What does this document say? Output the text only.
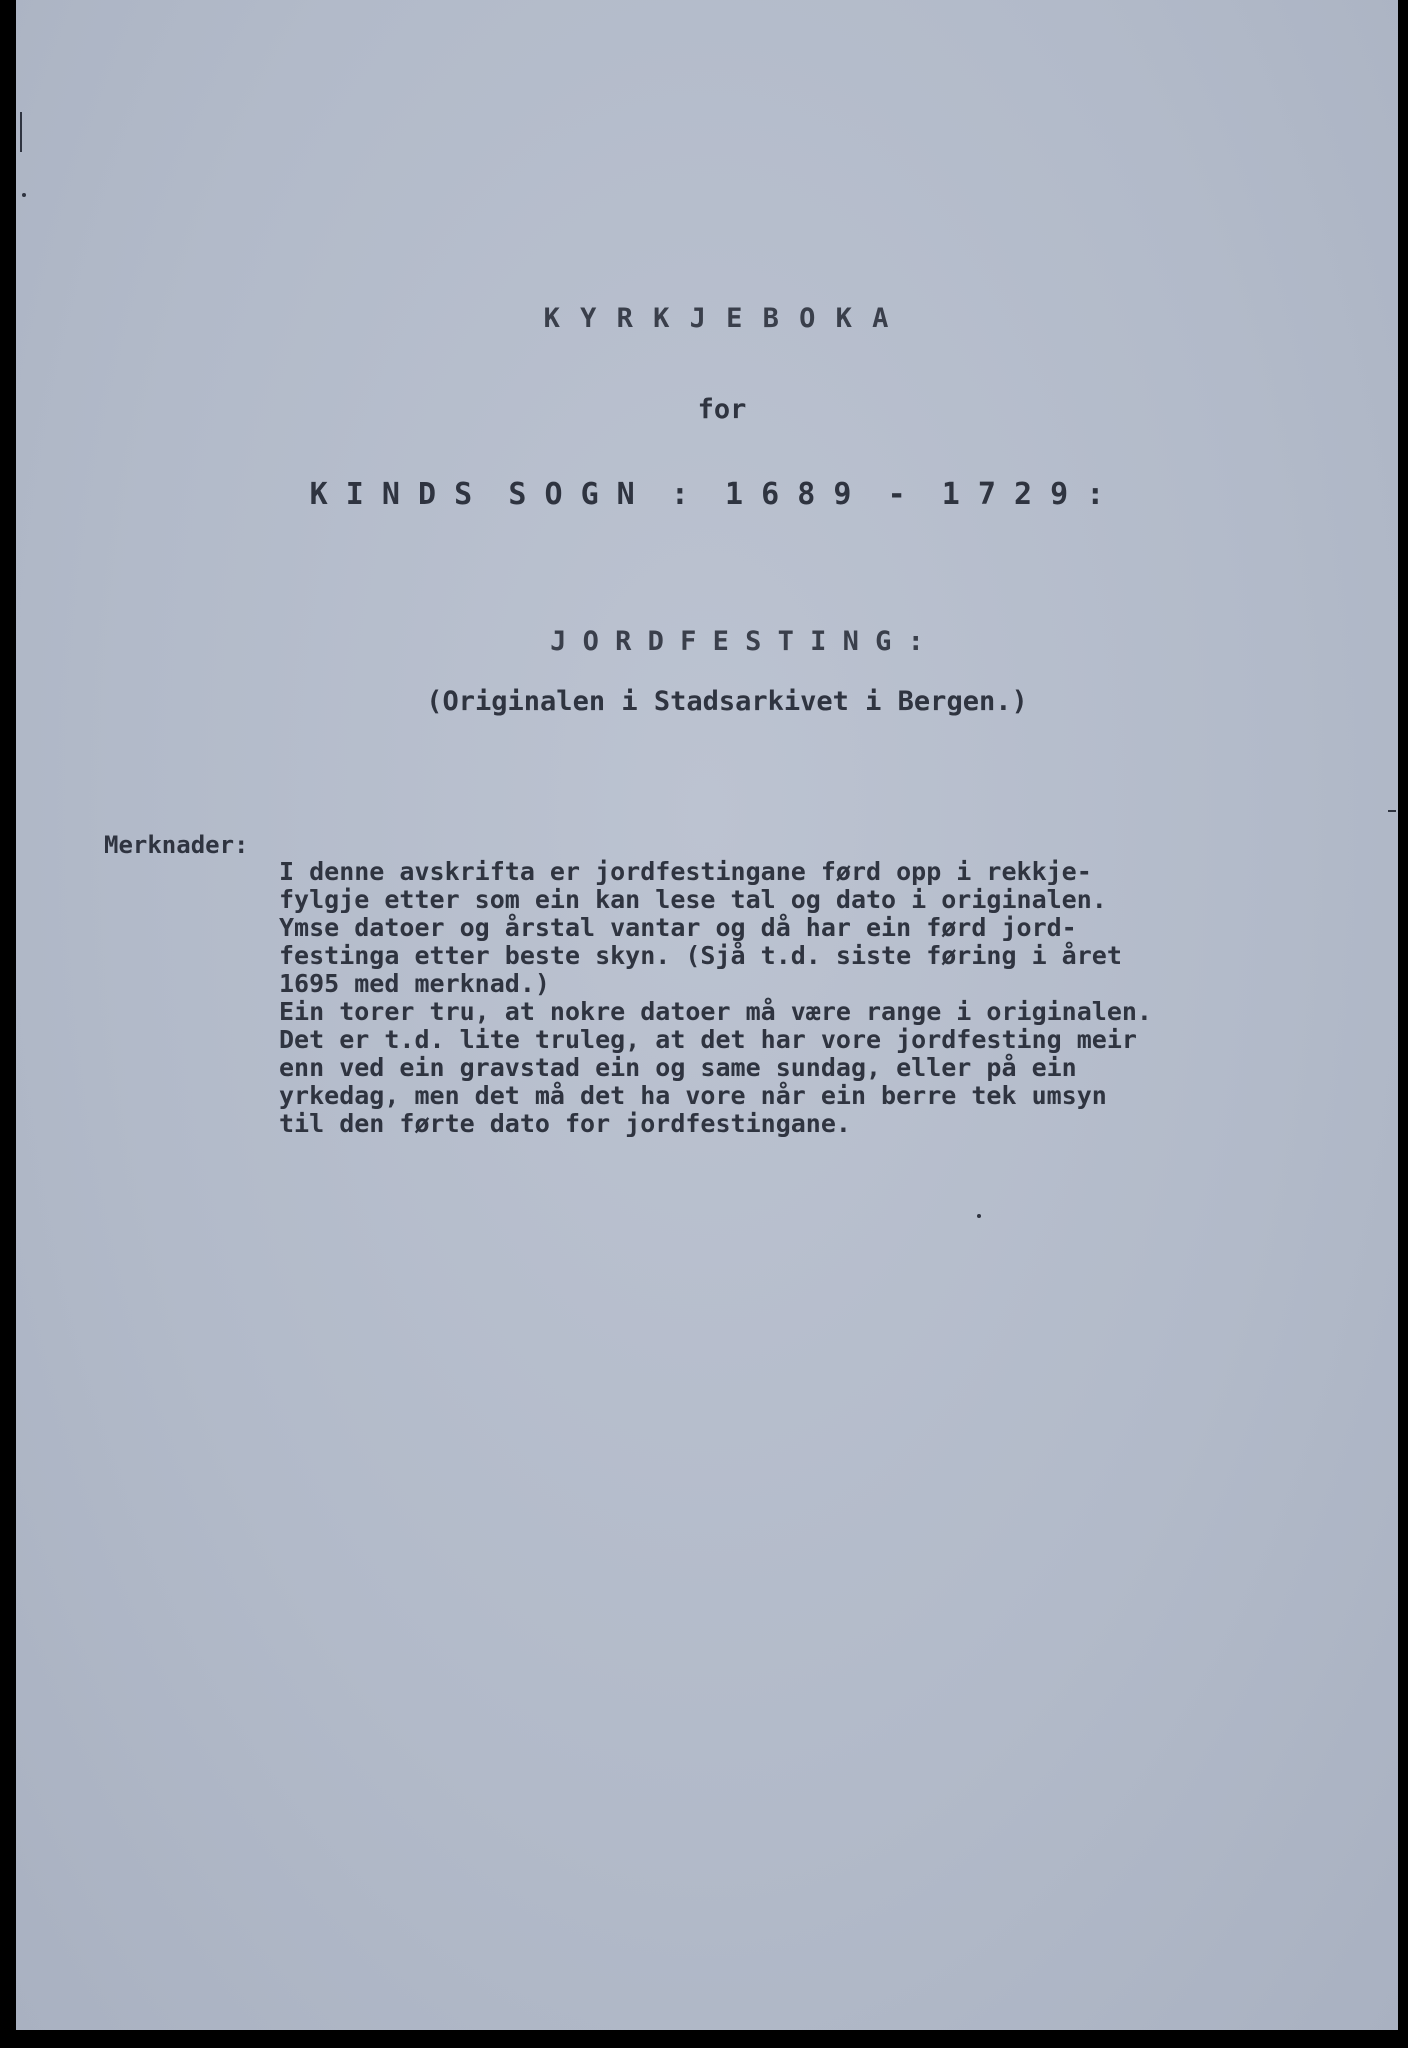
K Y R K J E B O K A
for
K I N D S  S O G N  :  1 6 8 9  -  1 7 2 9 :
J O R D F E S T I N G :
(Originalen i Stadsarkivet i Bergen.)
Merknader:
I denne avskrifta er jordfestingane førd opp i rekkje-
fylgje etter som ein kan lese tal og dato i originalen.
Ymse datoer og årstal vantar og då har ein førd jord-
festinga etter beste skyn. (Sjå t.d. siste føring i året
1695 med merknad.)
Ein torer tru, at nokre datoer må være range i originalen.
Det er t.d. lite truleg, at det har vore jordfesting meir
enn ved ein gravstad ein og same sundag, eller på ein
yrkedag, men det må det ha vore når ein berre tek umsyn
til den førte dato for jordfestingane.
